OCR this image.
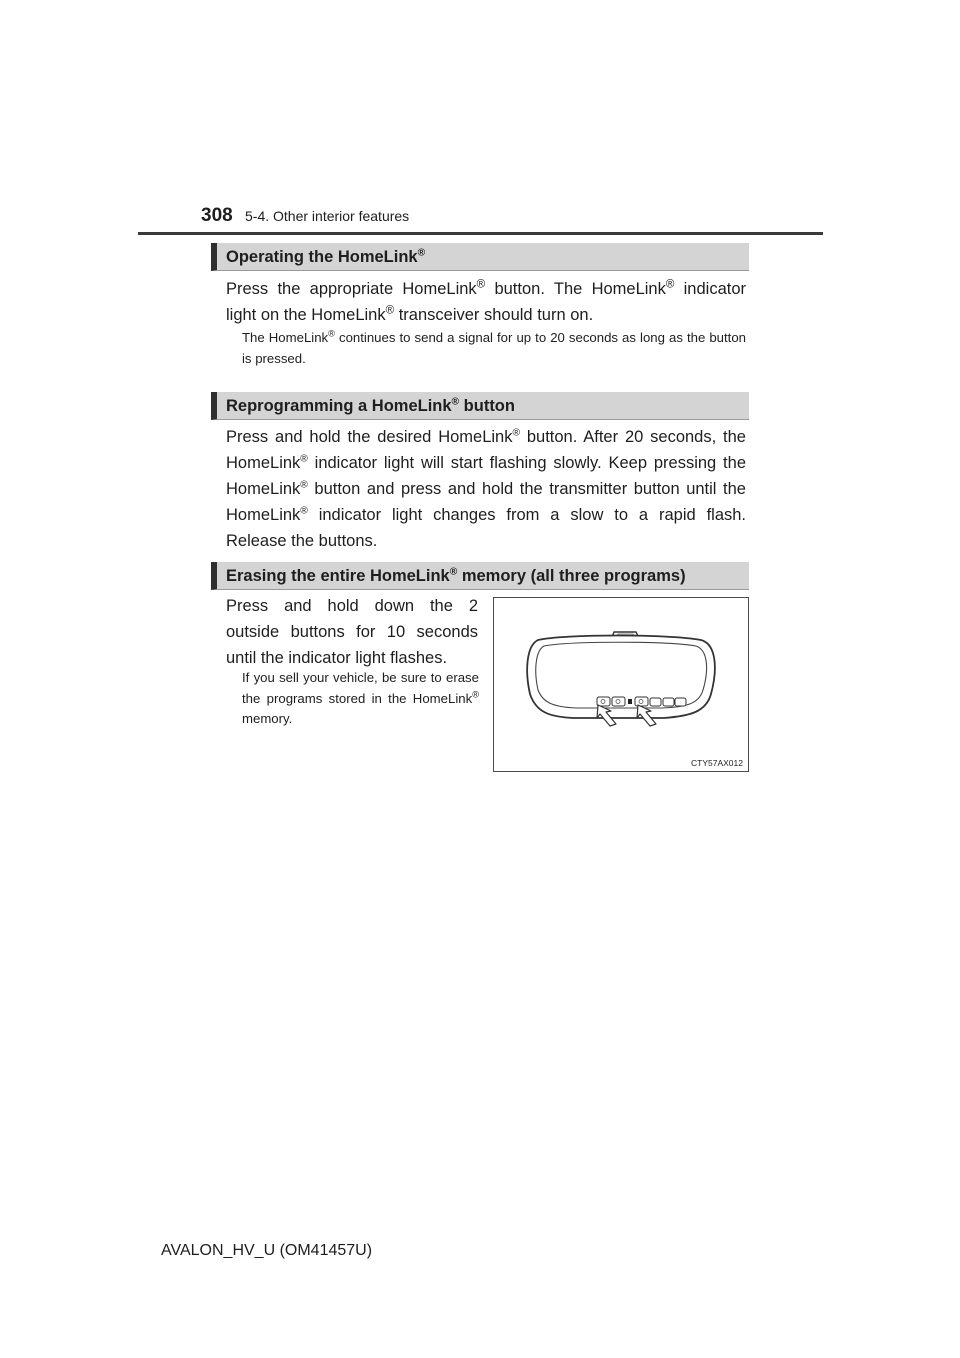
308 5-4. Other interior features
Operating the HomeLink®
Press the appropriate HomeLink® button. The HomeLink® indicator light on the HomeLink® transceiver should turn on.
The HomeLink® continues to send a signal for up to 20 seconds as long as the button is pressed.
Reprogramming a HomeLink® button
Press and hold the desired HomeLink® button. After 20 seconds, the HomeLink® indicator light will start flashing slowly. Keep pressing the HomeLink® button and press and hold the transmitter button until the HomeLink® indicator light changes from a slow to a rapid flash. Release the buttons.
Erasing the entire HomeLink® memory (all three programs)
Press and hold down the 2 outside buttons for 10 seconds until the indicator light flashes.
If you sell your vehicle, be sure to erase the programs stored in the HomeLink® memory.
CTY57AX012
AVALON_HV_U (OM41457U)
